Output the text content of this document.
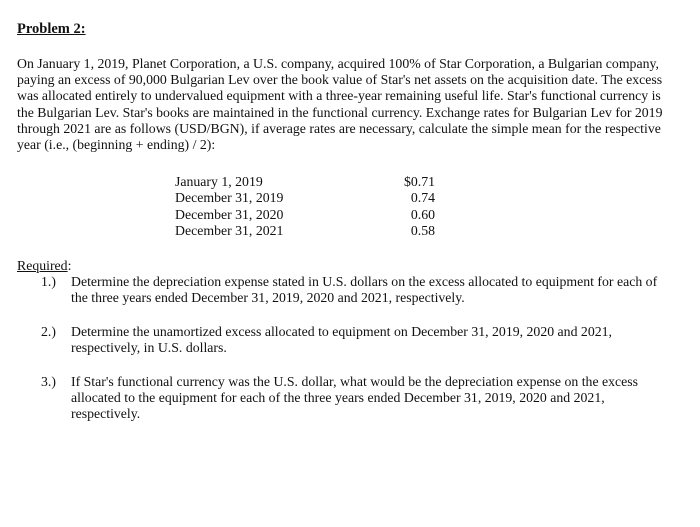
Problem 2:

On January 1, 2019, Planet Corporation, a U.S. company, acquired 100% of Star Corporation, a Bulgarian company, paying an excess of 90,000 Bulgarian Lev over the book value of Star's net assets on the acquisition date. The excess was allocated entirely to undervalued equipment with a three-year remaining useful life. Star's functional currency is the Bulgarian Lev. Star's books are maintained in the functional currency. Exchange rates for Bulgarian Lev for 2019 through 2021 are as follows (USD/BGN), if average rates are necessary, calculate the simple mean for the respective year (i.e., (beginning + ending) / 2):

January 1, 2019	$0.71
December 31, 2019	0.74
December 31, 2020	0.60
December 31, 2021	0.58
Required:
1.)	Determine the depreciation expense stated in U.S. dollars on the excess allocated to equipment for each of the three years ended December 31, 2019, 2020 and 2021, respectively.
2.)	Determine the unamortized excess allocated to equipment on December 31, 2019, 2020 and 2021, respectively, in U.S. dollars.
3.)	If Star's functional currency was the U.S. dollar, what would be the depreciation expense on the excess allocated to the equipment for each of the three years ended December 31, 2019, 2020 and 2021, respectively.
